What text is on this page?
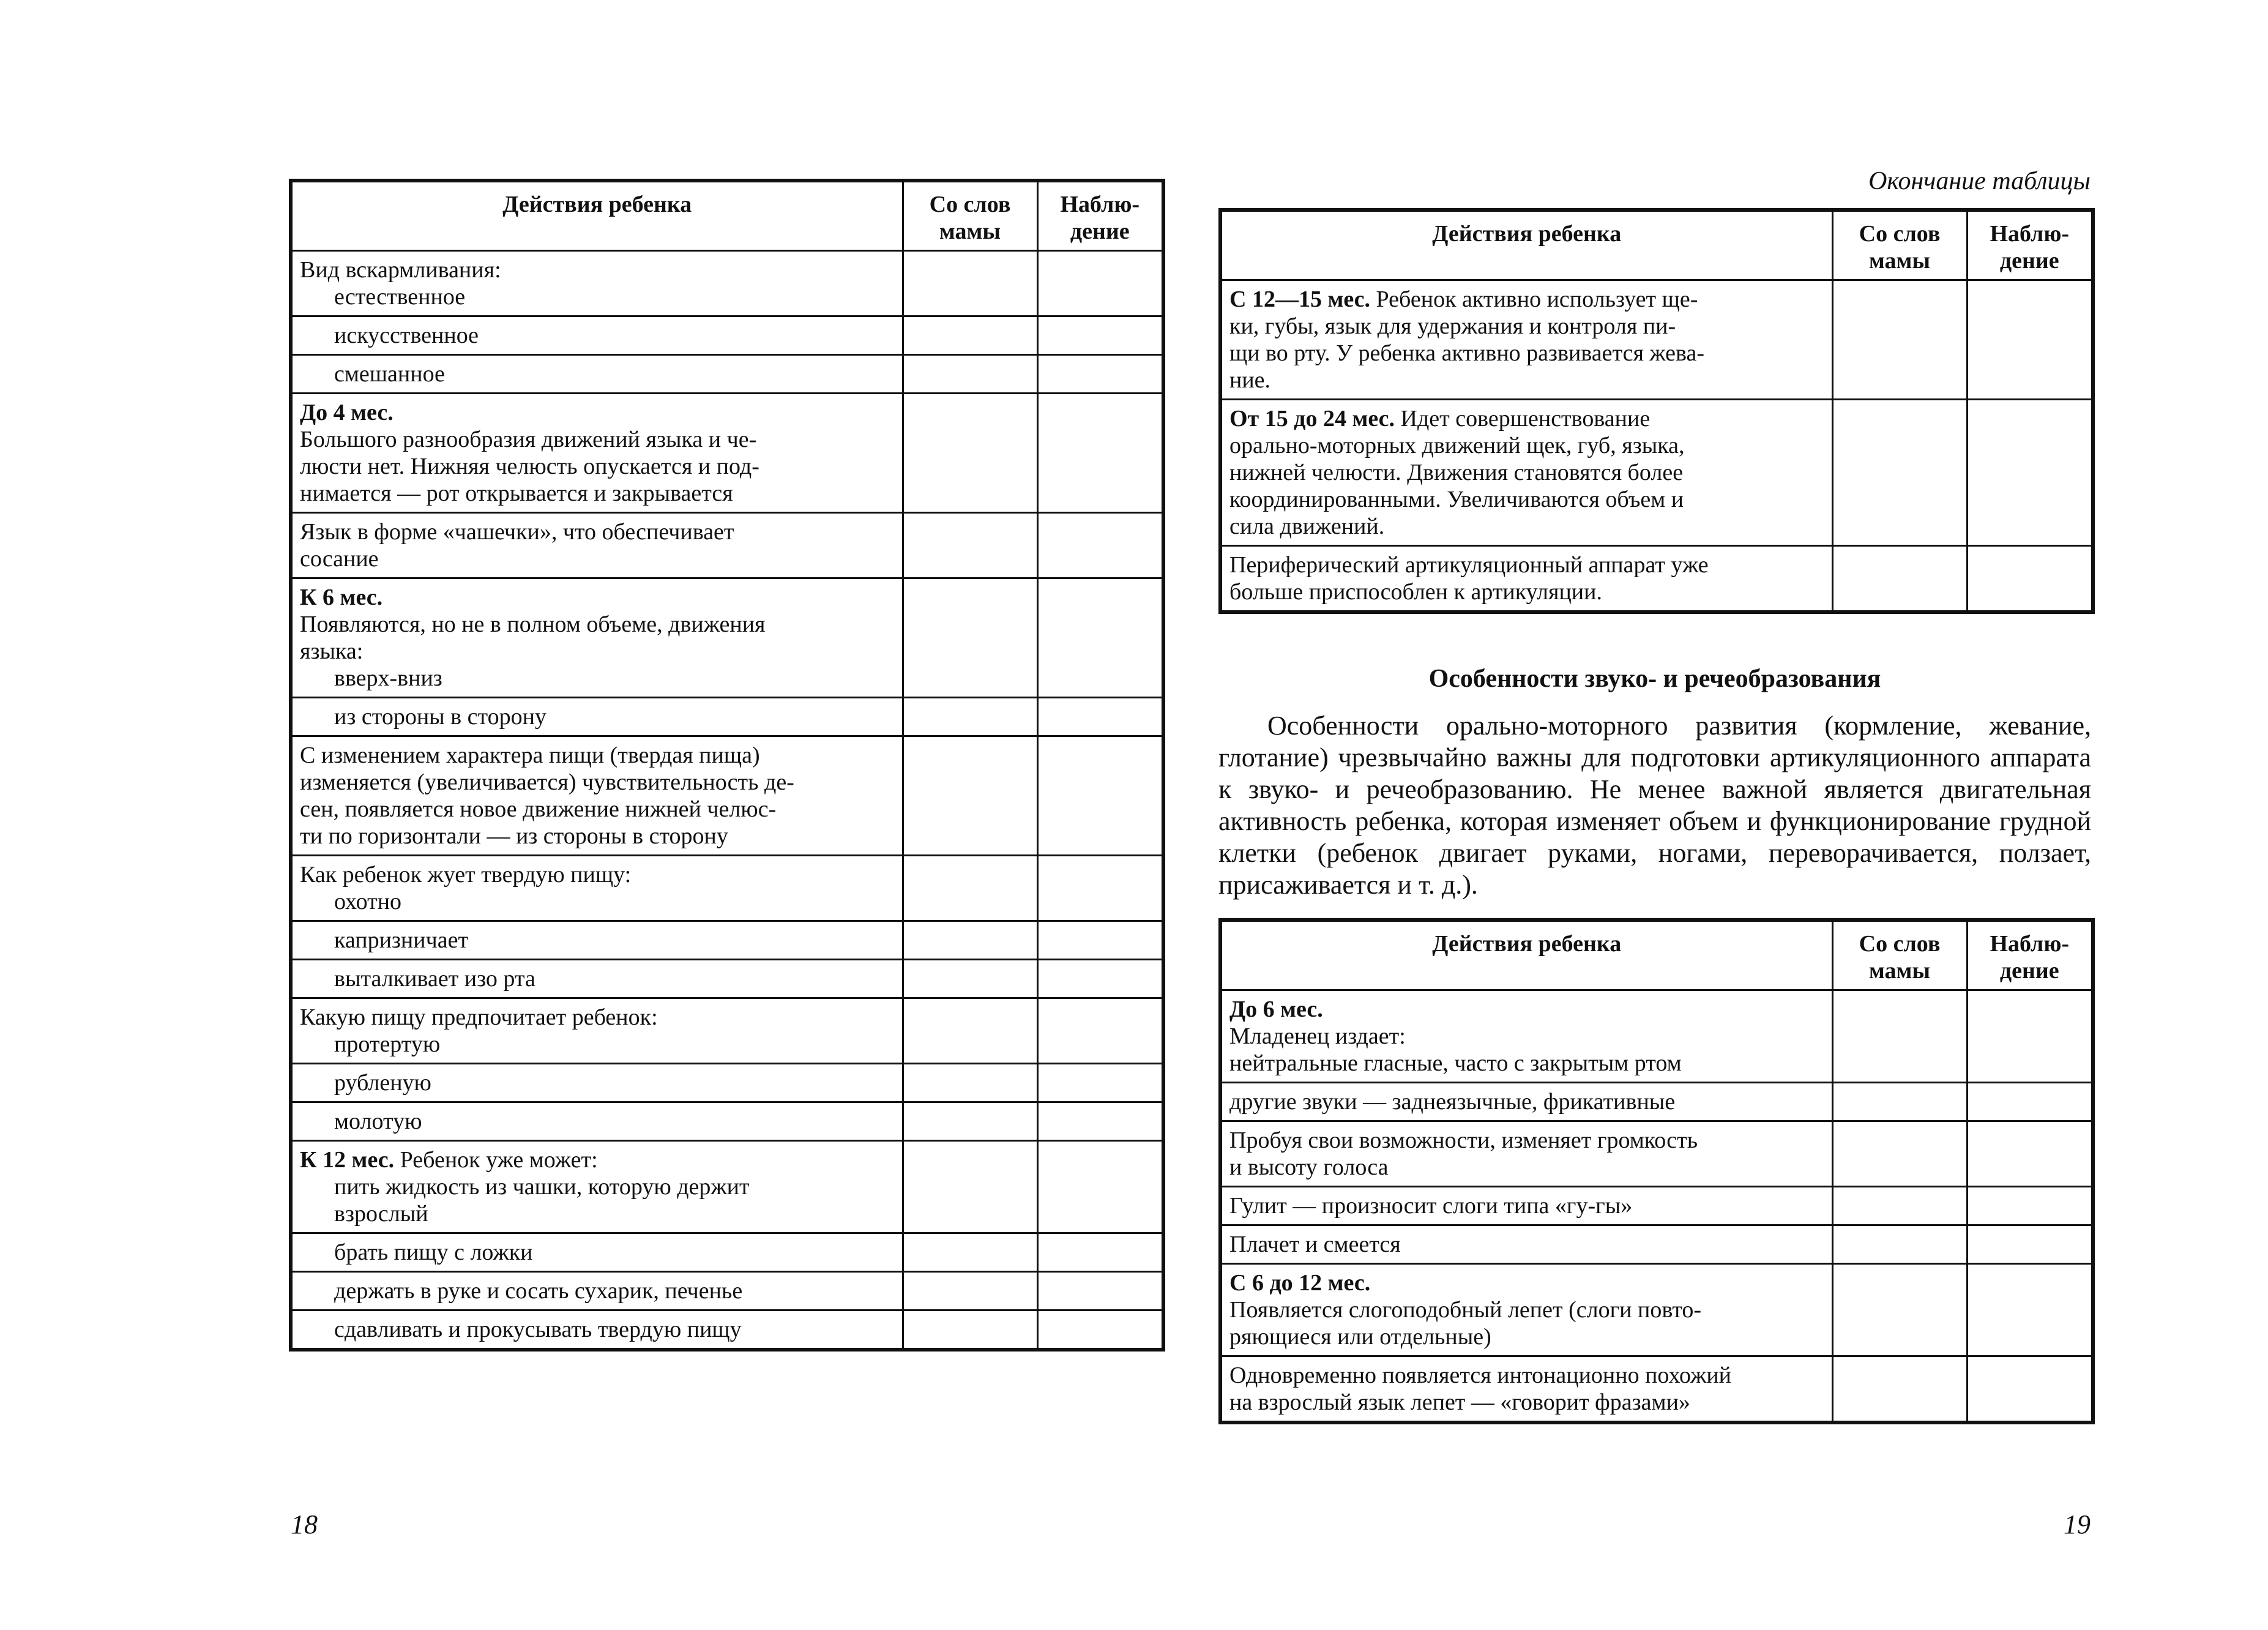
Действия ребенка	Со слов мамы	Наблю-дение

Вид вскармливания:
естественное		

искусственное		

смешанное		

До 4 мес.
Большого разнообразия движений языка и че-
люсти нет. Нижняя челюсть опускается и под-
нимается — рот открывается и закрывается		

Язык в форме «чашечки», что обеспечивает
сосание		

К 6 мес.
Появляются, но не в полном объеме, движения
языка:
вверх-вниз		

из стороны в сторону		

С изменением характера пищи (твердая пища)
изменяется (увеличивается) чувствительность де-
сен, появляется новое движение нижней челюс-
ти по горизонтали — из стороны в сторону		

Как ребенок жует твердую пищу:
охотно		

капризничает		

выталкивает изо рта		

Какую пищу предпочитает ребенок:
протертую		

рубленую		

молотую		

К 12 мес. Ребенок уже может:
пить жидкость из чашки, которую держит
взрослый		

брать пищу с ложки		

держать в руке и сосать сухарик, печенье		

сдавливать и прокусывать твердую пищу		

18
Окончание таблицы
Действия ребенка	Со слов мамы	Наблю-дение

С 12—15 мес. Ребенок активно использует ще-
ки, губы, язык для удержания и контроля пи-
щи во рту. У ребенка активно развивается жева-
ние.		

От 15 до 24 мес. Идет совершенствование
орально-моторных движений щек, губ, языка,
нижней челюсти. Движения становятся более
координированными. Увеличиваются объем и
сила движений.		

Периферический артикуляционный аппарат уже
больше приспособлен к артикуляции.		

Особенности звуко- и речеобразования
Особенности орально-моторного развития (кормление, жевание, глотание) чрезвычайно важны для подготовки артикуляционного аппарата к звуко- и речеобразованию. Не менее важной является двигательная активность ребенка, которая изменяет объем и функционирование грудной клетки (ребенок двигает руками, ногами, переворачивается, ползает, присаживается и т. д.).
Действия ребенка	Со слов мамы	Наблю-дение

До 6 мес.
Младенец издает:
нейтральные гласные, часто с закрытым ртом		

другие звуки — заднеязычные, фрикативные		

Пробуя свои возможности, изменяет громкость
и высоту голоса		

Гулит — произносит слоги типа «гу-гы»		

Плачет и смеется		

С 6 до 12 мес.
Появляется слогоподобный лепет (слоги повто-
ряющиеся или отдельные)		

Одновременно появляется интонационно похожий
на взрослый язык лепет — «говорит фразами»		

19
